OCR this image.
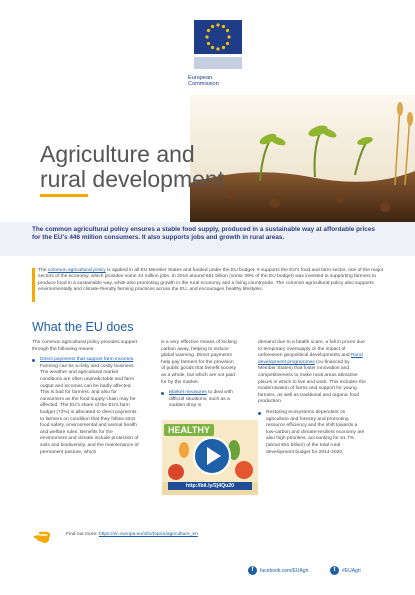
European
Commission
Agriculture and
rural development

The common agricultural policy ensures a stable food supply, produced in a sustainable way at affordable prices for the EU's 446 million consumers. It also supports jobs and growth in rural areas.

The common agricultural policy is applied in all EU Member States and funded under the EU budget. It supports the EU's food and farm sector, one of the major sectors of the economy, which provides some 44 million jobs. In 2016 around €61 billion (some 39% of the EU budget) was invested in supporting farmers to produce food in a sustainable way, while also promoting growth in the rural economy and a living countryside. The common agricultural policy also supports environmentally and climate-friendly farming practices across the EU, and encourages healthy lifestyles.

What the EU does

The common agricultural policy provides support through the following means.

Direct payments that support farm incomes. Farming can be a risky and costly business. The weather and agricultural market conditions are often unpredictable and farm output and incomes can be badly affected. This is bad for farmers, and also for consumers as the food supply chain may be affected. The EU's share of the EU's farm budget (72%) is allocated to direct payments to farmers on condition that they follow strict food safety, environmental and animal health and welfare rules. Benefits for the environment and climate include protection of soils and biodiversity, and the maintenance of permanent pasture, which

is a very effective means of locking carbon away, helping to reduce global warming. Direct payments help pay farmers for the provision of public goods that benefit society as a whole, but which are not paid for by the market.

Market measures to deal with difficult situations, such as a sudden drop in

demand due to a health scare, a fall in prices due to temporary oversupply or the impact of unforeseen geopolitical developments and Rural development programmes (co-financed by Member States) that foster innovation and competitiveness to make rural areas attractive places in which to live and work. This includes the modernisation of farms and support for young farmers, as well as traditional and organic food production.

Restoring ecosystems dependent on agriculture and forestry and promoting resource efficiency and the shift towards a low-carbon and climate-resilient economy are also high priorities, accounting for 51.7% (about €51 billion) of the total rural development budget for 2014-2020.
HEALTHY
http://bit.ly/2j4Qu20

Find out more: https://ec.europa.eu/info/topics/agriculture_en

f facebook.com/EUAgri	t #EUAgri
